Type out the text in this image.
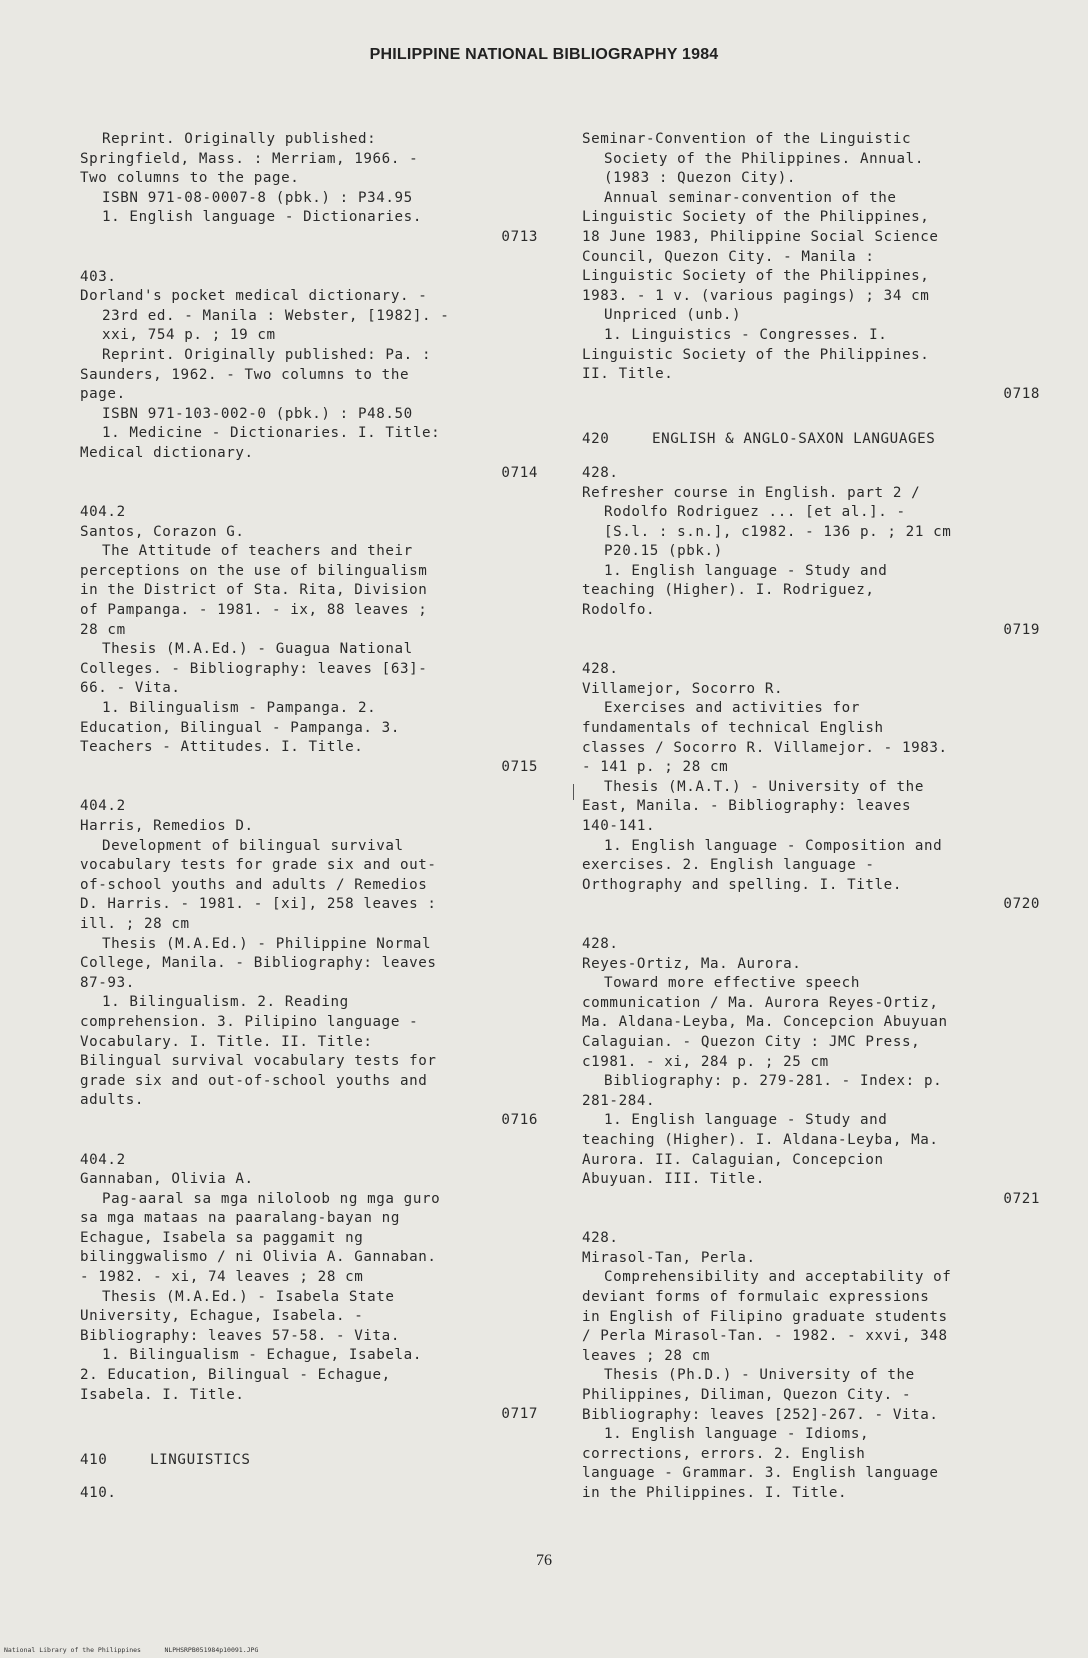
PHILIPPINE NATIONAL BIBLIOGRAPHY 1984
Reprint. Originally published:
Springfield, Mass. : Merriam, 1966. -
Two columns to the page.
ISBN 971-08-0007-8 (pbk.) : P34.95
1. English language - Dictionaries.
0713
403.
Dorland's pocket medical dictionary. -
23rd ed. - Manila : Webster, [1982]. -
xxi, 754 p. ; 19 cm
Reprint. Originally published: Pa. :
Saunders, 1962. - Two columns to the
page.
ISBN 971-103-002-0 (pbk.) : P48.50
1. Medicine - Dictionaries. I. Title:
Medical dictionary.
0714
404.2
Santos, Corazon G.
The Attitude of teachers and their
perceptions on the use of bilingualism
in the District of Sta. Rita, Division
of Pampanga. - 1981. - ix, 88 leaves ;
28 cm
Thesis (M.A.Ed.) - Guagua National
Colleges. - Bibliography: leaves [63]-
66. - Vita.
1. Bilingualism - Pampanga. 2.
Education, Bilingual - Pampanga. 3.
Teachers - Attitudes. I. Title.
0715
404.2
Harris, Remedios D.
Development of bilingual survival
vocabulary tests for grade six and out-
of-school youths and adults / Remedios
D. Harris. - 1981. - [xi], 258 leaves :
ill. ; 28 cm
Thesis (M.A.Ed.) - Philippine Normal
College, Manila. - Bibliography: leaves
87-93.
1. Bilingualism. 2. Reading
comprehension. 3. Pilipino language -
Vocabulary. I. Title. II. Title:
Bilingual survival vocabulary tests for
grade six and out-of-school youths and
adults.
0716
404.2
Gannaban, Olivia A.
Pag-aaral sa mga niloloob ng mga guro
sa mga mataas na paaralang-bayan ng
Echague, Isabela sa paggamit ng
bilinggwalismo / ni Olivia A. Gannaban.
- 1982. - xi, 74 leaves ; 28 cm
Thesis (M.A.Ed.) - Isabela State
University, Echague, Isabela. -
Bibliography: leaves 57-58. - Vita.
1. Bilingualism - Echague, Isabela.
2. Education, Bilingual - Echague,
Isabela. I. Title.
0717
410	LINGUISTICS
410.
Seminar-Convention of the Linguistic
Society of the Philippines. Annual.
(1983 : Quezon City).
Annual seminar-convention of the
Linguistic Society of the Philippines,
18 June 1983, Philippine Social Science
Council, Quezon City. - Manila :
Linguistic Society of the Philippines,
1983. - 1 v. (various pagings) ; 34 cm
Unpriced (unb.)
1. Linguistics - Congresses. I.
Linguistic Society of the Philippines.
II. Title.
0718
420	ENGLISH & ANGLO-SAXON LANGUAGES
428.
Refresher course in English. part 2 /
Rodolfo Rodriguez ... [et al.]. -
[S.l. : s.n.], c1982. - 136 p. ; 21 cm
P20.15 (pbk.)
1. English language - Study and
teaching (Higher). I. Rodriguez,
Rodolfo.
0719
428.
Villamejor, Socorro R.
Exercises and activities for
fundamentals of technical English
classes / Socorro R. Villamejor. - 1983.
- 141 p. ; 28 cm
Thesis (M.A.T.) - University of the
East, Manila. - Bibliography: leaves
140-141.
1. English language - Composition and
exercises. 2. English language -
Orthography and spelling. I. Title.
0720
428.
Reyes-Ortiz, Ma. Aurora.
Toward more effective speech
communication / Ma. Aurora Reyes-Ortiz,
Ma. Aldana-Leyba, Ma. Concepcion Abuyuan
Calaguian. - Quezon City : JMC Press,
c1981. - xi, 284 p. ; 25 cm
Bibliography: p. 279-281. - Index: p.
281-284.
1. English language - Study and
teaching (Higher). I. Aldana-Leyba, Ma.
Aurora. II. Calaguian, Concepcion
Abuyuan. III. Title.
0721
428.
Mirasol-Tan, Perla.
Comprehensibility and acceptability of
deviant forms of formulaic expressions
in English of Filipino graduate students
/ Perla Mirasol-Tan. - 1982. - xxvi, 348
leaves ; 28 cm
Thesis (Ph.D.) - University of the
Philippines, Diliman, Quezon City. -
Bibliography: leaves [252]-267. - Vita.
1. English language - Idioms,
corrections, errors. 2. English
language - Grammar. 3. English language
in the Philippines. I. Title.
76
National Library of the Philippines      NLPHSRPB051984p10091.JPG
